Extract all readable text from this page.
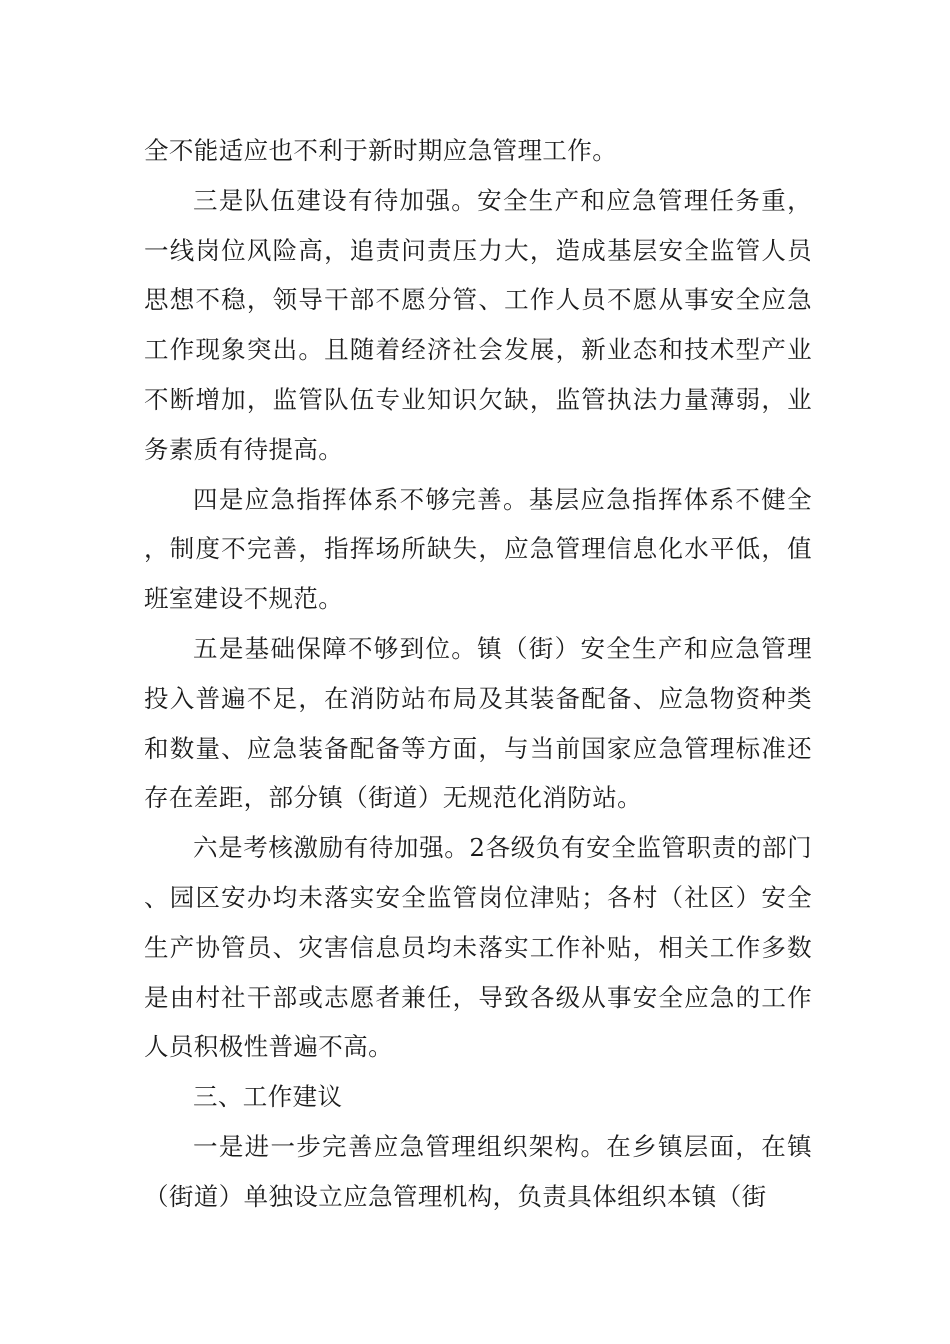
全不能适应也不利于新时期应急管理工作。

三是队伍建设有待加强。安全生产和应急管理任务重，一线岗位风险高，追责问责压力大，造成基层安全监管人员思想不稳，领导干部不愿分管、工作人员不愿从事安全应急工作现象突出。且随着经济社会发展，新业态和技术型产业不断增加，监管队伍专业知识欠缺，监管执法力量薄弱，业务素质有待提高。

四是应急指挥体系不够完善。基层应急指挥体系不健全，制度不完善，指挥场所缺失，应急管理信息化水平低，值班室建设不规范。

五是基础保障不够到位。镇（街）安全生产和应急管理投入普遍不足，在消防站布局及其装备配备、应急物资种类和数量、应急装备配备等方面，与当前国家应急管理标准还存在差距，部分镇（街道）无规范化消防站。

六是考核激励有待加强。2各级负有安全监管职责的部门、园区安办均未落实安全监管岗位津贴；各村（社区）安全生产协管员、灾害信息员均未落实工作补贴，相关工作多数是由村社干部或志愿者兼任，导致各级从事安全应急的工作人员积极性普遍不高。

三、工作建议

一是进一步完善应急管理组织架构。在乡镇层面，在镇（街道）单独设立应急管理机构，负责具体组织本镇（街
